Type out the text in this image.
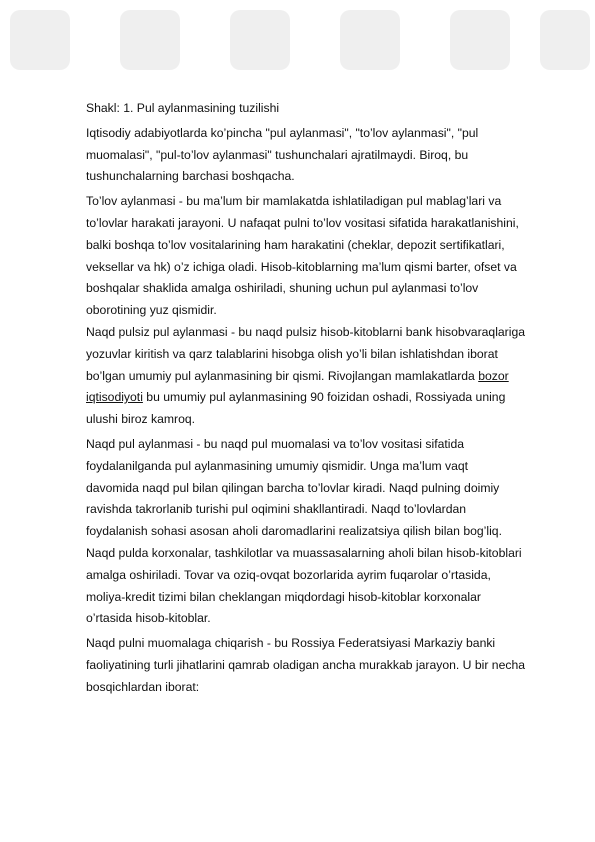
Shakl: 1. Pul aylanmasining tuzilishi
Iqtisodiy adabiyotlarda ko’pincha "pul aylanmasi", "to’lov aylanmasi", "pul
muomalasi", "pul-to’lov aylanmasi" tushunchalari ajratilmaydi. Biroq, bu
tushunchalarning barchasi boshqacha.
To’lov aylanmasi - bu ma’lum bir mamlakatda ishlatiladigan pul mablag’lari va
to’lovlar harakati jarayoni. U nafaqat pulni to’lov vositasi sifatida harakatlanishini,
balki boshqa to’lov vositalarining ham harakatini (cheklar, depozit sertifikatlari,
veksellar va hk) o’z ichiga oladi. Hisob-kitoblarning ma’lum qismi barter, ofset va
boshqalar shaklida amalga oshiriladi, shuning uchun pul aylanmasi to’lov
oborotining yuz qismidir.
Naqd pulsiz pul aylanmasi - bu naqd pulsiz hisob-kitoblarni bank hisobvaraqlariga
yozuvlar kiritish va qarz talablarini hisobga olish yo’li bilan ishlatishdan iborat
bo’lgan umumiy pul aylanmasining bir qismi. Rivojlangan mamlakatlarda bozor
iqtisodiyoti bu umumiy pul aylanmasining 90 foizidan oshadi, Rossiyada uning
ulushi biroz kamroq.
Naqd pul aylanmasi - bu naqd pul muomalasi va to’lov vositasi sifatida
foydalanilganda pul aylanmasining umumiy qismidir. Unga ma’lum vaqt
davomida naqd pul bilan qilingan barcha to’lovlar kiradi. Naqd pulning doimiy
ravishda takrorlanib turishi pul oqimini shakllantiradi. Naqd to’lovlardan
foydalanish sohasi asosan aholi daromadlarini realizatsiya qilish bilan bog’liq.
Naqd pulda korxonalar, tashkilotlar va muassasalarning aholi bilan hisob-kitoblari
amalga oshiriladi. Tovar va oziq-ovqat bozorlarida ayrim fuqarolar o’rtasida,
moliya-kredit tizimi bilan cheklangan miqdordagi hisob-kitoblar korxonalar
o’rtasida hisob-kitoblar.
Naqd pulni muomalaga chiqarish - bu Rossiya Federatsiyasi Markaziy banki
faoliyatining turli jihatlarini qamrab oladigan ancha murakkab jarayon. U bir necha
bosqichlardan iborat:
